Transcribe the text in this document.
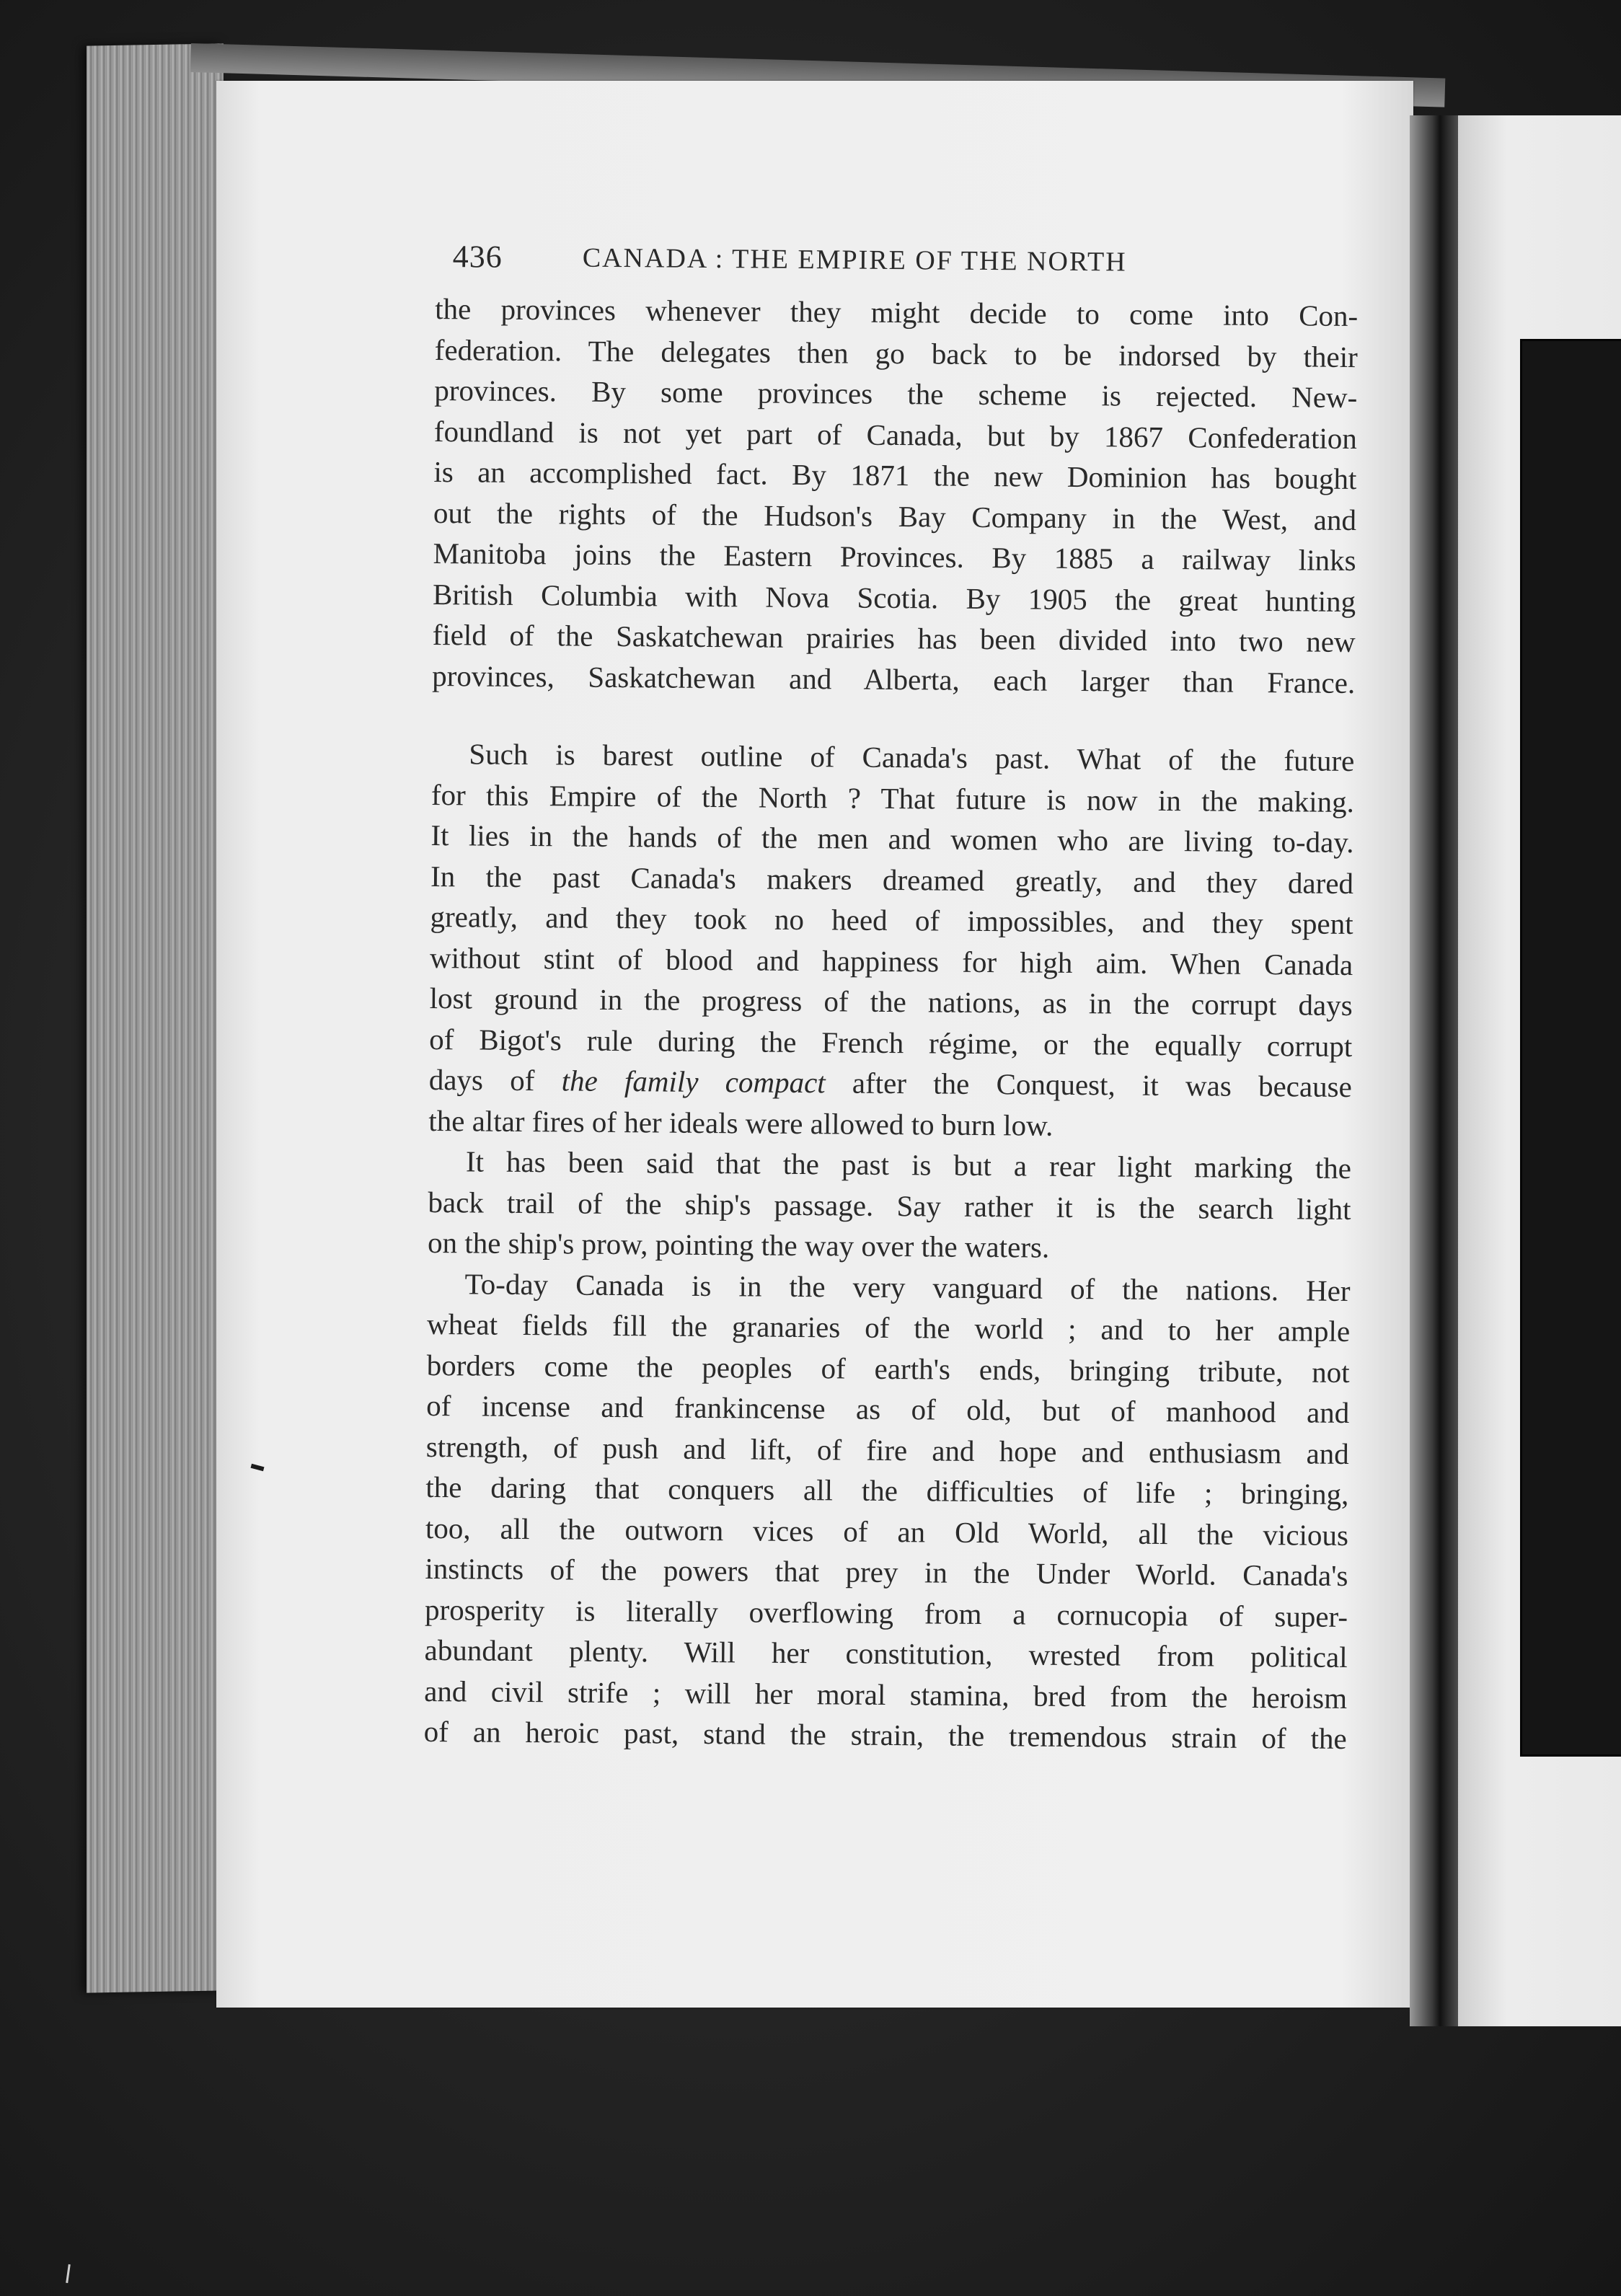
436	CANADA : THE EMPIRE OF THE NORTH
the provinces whenever they might decide to come into Con-
federation. The delegates then go back to be indorsed by their
provinces. By some provinces the scheme is rejected. New-
foundland is not yet part of Canada, but by 1867 Confederation
is an accomplished fact. By 1871 the new Dominion has bought
out the rights of the Hudson's Bay Company in the West, and
Manitoba joins the Eastern Provinces. By 1885 a railway links
British Columbia with Nova Scotia. By 1905 the great hunting
field of the Saskatchewan prairies has been divided into two new
provinces, Saskatchewan and Alberta, each larger than France.
Such is barest outline of Canada's past. What of the future
for this Empire of the North ? That future is now in the making.
It lies in the hands of the men and women who are living to-day.
In the past Canada's makers dreamed greatly, and they dared
greatly, and they took no heed of impossibles, and they spent
without stint of blood and happiness for high aim. When Canada
lost ground in the progress of the nations, as in the corrupt days
of Bigot's rule during the French régime, or the equally corrupt
days of the family compact after the Conquest, it was because
the altar fires of her ideals were allowed to burn low.
It has been said that the past is but a rear light marking the
back trail of the ship's passage. Say rather it is the search light
on the ship's prow, pointing the way over the waters.
To-day Canada is in the very vanguard of the nations. Her
wheat fields fill the granaries of the world ; and to her ample
borders come the peoples of earth's ends, bringing tribute, not
of incense and frankincense as of old, but of manhood and
strength, of push and lift, of fire and hope and enthusiasm and
the daring that conquers all the difficulties of life ; bringing,
too, all the outworn vices of an Old World, all the vicious
instincts of the powers that prey in the Under World. Canada's
prosperity is literally overflowing from a cornucopia of super-
abundant plenty. Will her constitution, wrested from political
and civil strife ; will her moral stamina, bred from the heroism
of an heroic past, stand the strain, the tremendous strain of the
